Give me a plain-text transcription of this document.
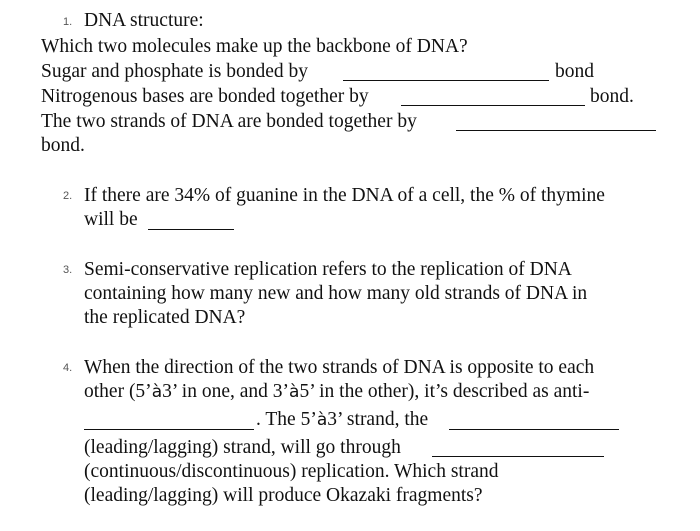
1. DNA structure:
Which two molecules make up the backbone of DNA?
Sugar and phosphate is bonded by	bond
Nitrogenous bases are bonded together by	bond.
The two strands of DNA are bonded together by
bond.
2. If there are 34% of guanine in the DNA of a cell, the % of thymine
will be
3. Semi-conservative replication refers to the replication of DNA
containing how many new and how many old strands of DNA in
the replicated DNA?
4. When the direction of the two strands of DNA is opposite to each
other (5’à3’ in one, and 3’à5’ in the other), it’s described as anti-
. The 5’à3’ strand, the
(leading/lagging) strand, will go through
(continuous/discontinuous) replication. Which strand
(leading/lagging) will produce Okazaki fragments?
